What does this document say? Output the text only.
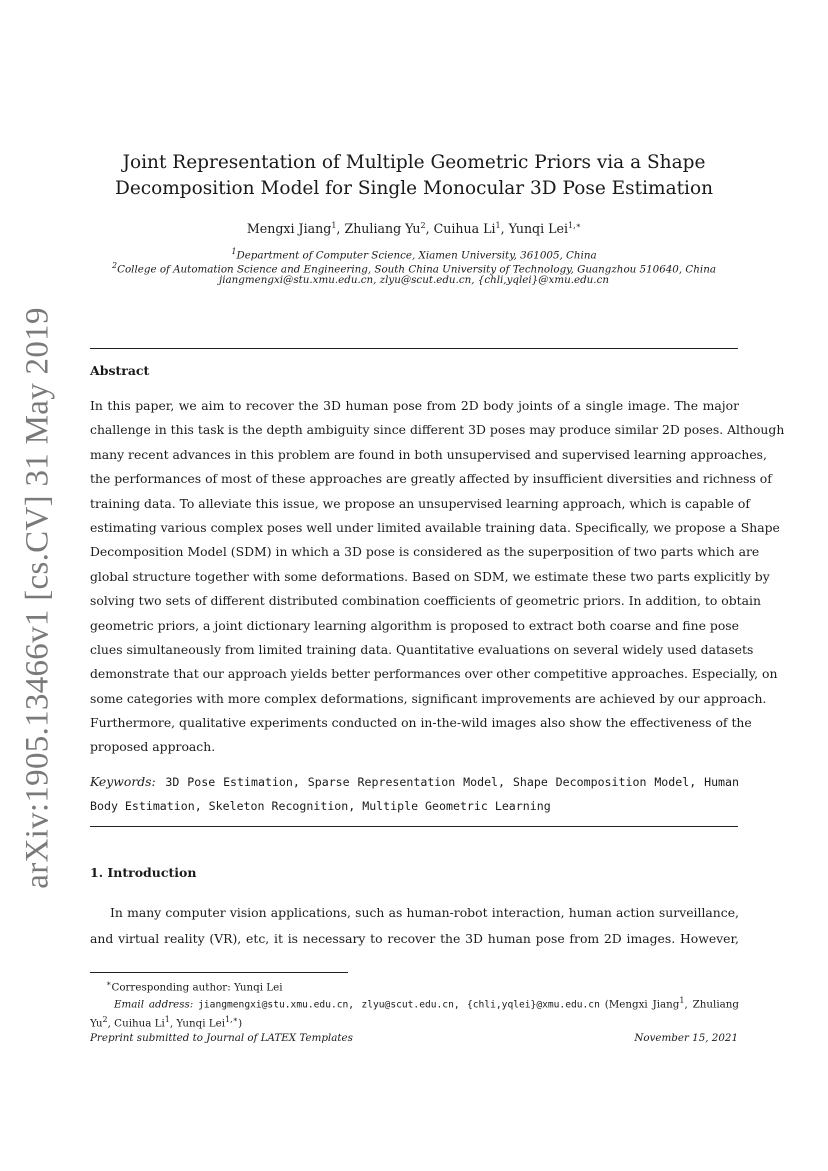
arXiv:1905.13466v1 [cs.CV] 31 May 2019
Joint Representation of Multiple Geometric Priors via a Shape
Decomposition Model for Single Monocular 3D Pose Estimation
Mengxi Jiang$^1$, Zhuliang Yu$^2$, Cuihua Li$^1$, Yunqi Lei$^{1,∗}$
$^1$Department of Computer Science, Xiamen University, 361005, China
$^2$College of Automation Science and Engineering, South China University of Technology, Guangzhou 510640, China
jiangmengxi@stu.xmu.edu.cn, zlyu@scut.edu.cn, {chli,yqlei}@xmu.edu.cn
Abstract
In this paper, we aim to recover the 3D human pose from 2D body joints of a single image. The major
challenge in this task is the depth ambiguity since different 3D poses may produce similar 2D poses. Although
many recent advances in this problem are found in both unsupervised and supervised learning approaches,
the performances of most of these approaches are greatly affected by insufficient diversities and richness of
training data. To alleviate this issue, we propose an unsupervised learning approach, which is capable of
estimating various complex poses well under limited available training data. Specifically, we propose a Shape
Decomposition Model (SDM) in which a 3D pose is considered as the superposition of two parts which are
global structure together with some deformations. Based on SDM, we estimate these two parts explicitly by
solving two sets of different distributed combination coefficients of geometric priors. In addition, to obtain
geometric priors, a joint dictionary learning algorithm is proposed to extract both coarse and fine pose
clues simultaneously from limited training data. Quantitative evaluations on several widely used datasets
demonstrate that our approach yields better performances over other competitive approaches. Especially, on
some categories with more complex deformations, significant improvements are achieved by our approach.
Furthermore, qualitative experiments conducted on in-the-wild images also show the effectiveness of the
proposed approach.
Keywords: 3D Pose Estimation, Sparse Representation Model, Shape Decomposition Model, Human
Body Estimation, Skeleton Recognition, Multiple Geometric Learning
1. Introduction
In many computer vision applications, such as human-robot interaction, human action surveillance,
and virtual reality (VR), etc, it is necessary to recover the 3D human pose from 2D images. However,
∗Corresponding author: Yunqi Lei
Email address: jiangmengxi@stu.xmu.edu.cn, zlyu@scut.edu.cn, {chli,yqlei}@xmu.edu.cn (Mengxi Jiang$^1$, Zhuliang
Yu$^2$, Cuihua Li$^1$, Yunqi Lei$^{1,∗}$)
Preprint submitted to Journal of LATEX Templates	November 15, 2021
